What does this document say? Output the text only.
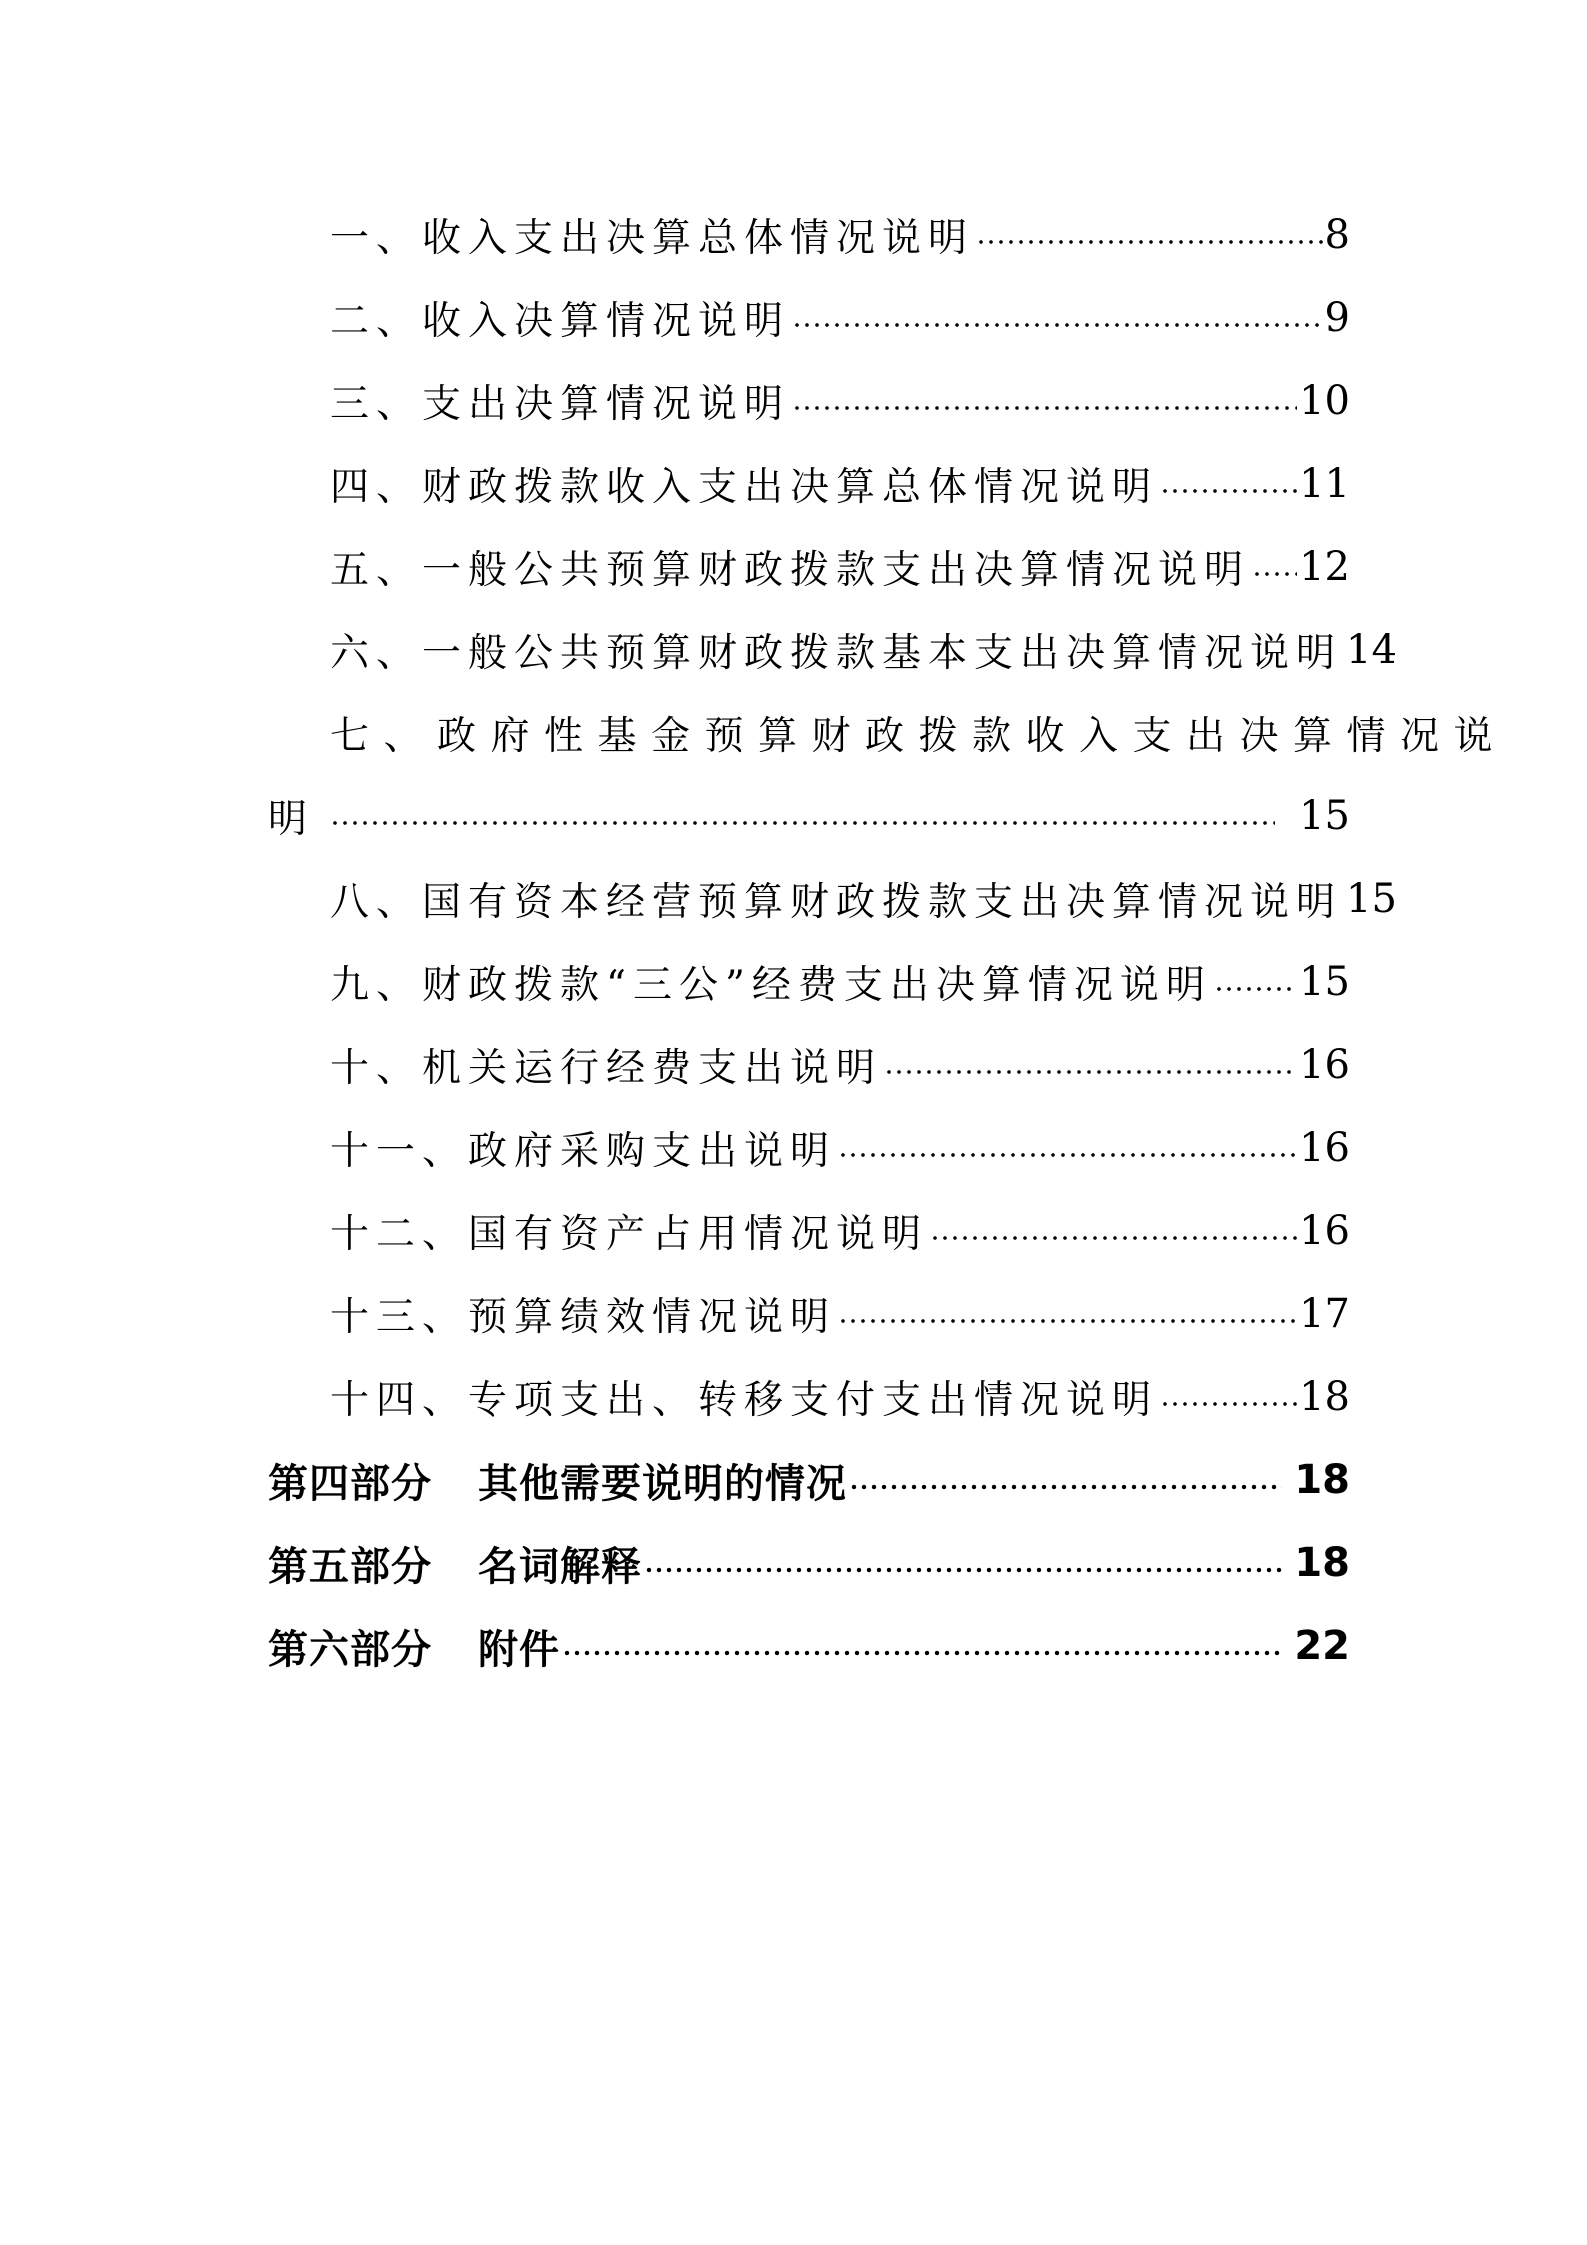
一、收入支出决算总体情况说明	8
二、收入决算情况说明	9
三、支出决算情况说明	10
四、财政拨款收入支出决算总体情况说明	11
五、一般公共预算财政拨款支出决算情况说明 12
六、一般公共预算财政拨款基本支出决算情况说明 14
七、政府性基金预算财政拨款收入支出决算情况说
明	15
八、国有资本经营预算财政拨款支出决算情况说明 15
九、财政拨款“三公”经费支出决算情况说明 15
十、机关运行经费支出说明	16
十一、政府采购支出说明	16
十二、国有资产占用情况说明	16
十三、预算绩效情况说明	17
十四、专项支出、转移支付支出情况说明	18
第四部分 其他需要说明的情况	18
第五部分 名词解释	18
第六部分 附件	22
